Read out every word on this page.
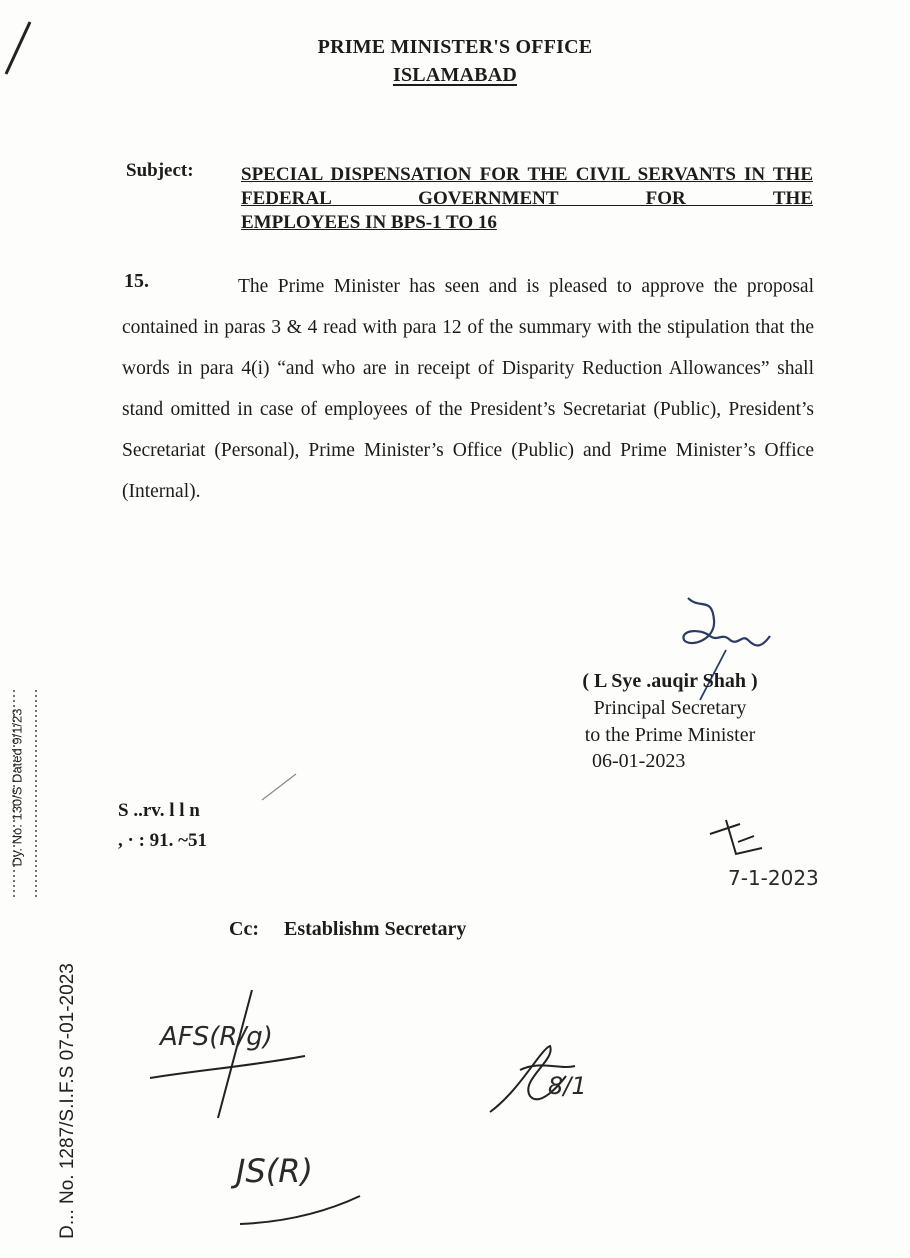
PRIME MINISTER'S OFFICE
ISLAMABAD
Subject: SPECIAL DISPENSATION FOR THE CIVIL SERVANTS IN THE FEDERAL GOVERNMENT FOR THE
EMPLOYEES IN BPS-1 TO 16
15.	The Prime Minister has seen and is pleased to approve the proposal contained in paras 3 & 4 read with para 12 of the summary with the stipulation that the words in para 4(i) “and who are in receipt of Disparity Reduction Allowances” shall stand omitted in case of employees of the President’s Secretariat (Public), President’s Secretariat (Personal), Prime Minister’s Office (Public) and Prime Minister’s Office (Internal).
( L Sye .auqir Shah )
Principal Secretary
to the Prime Minister
06-01-2023
S ..rv. l l n
, · : 91. ~51
7-1-2023
Cc: Establishm Secretary
Dy. No. 130/S Dated 9/1/23
D... No. 1287/S.I.F.S 07-01-2023	AFS(R/g)
8/1
JS(R)
